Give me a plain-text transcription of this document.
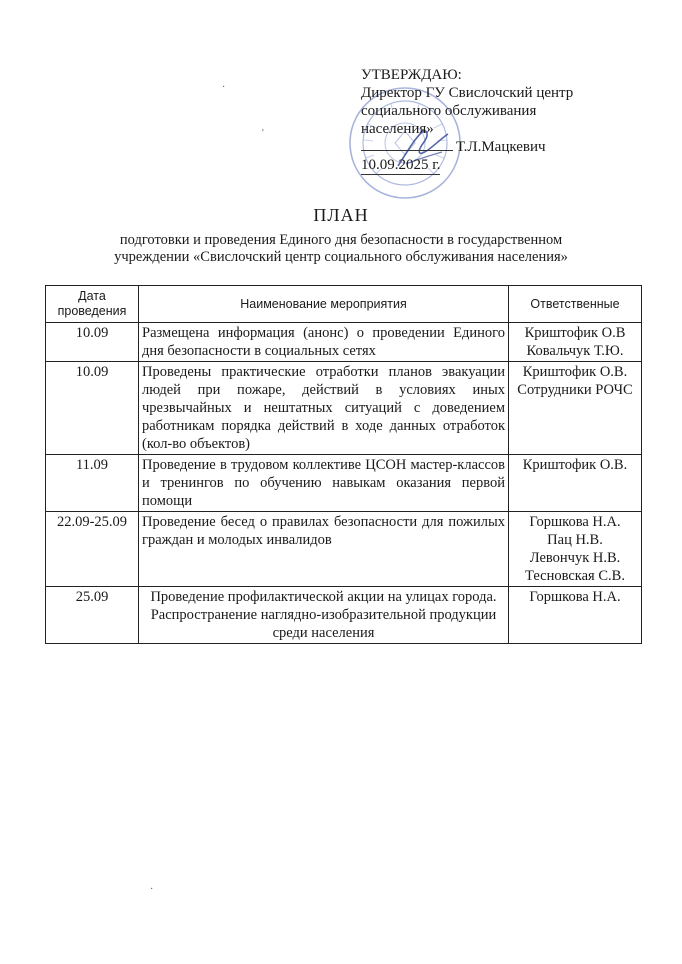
УТВЕРЖДАЮ:
Директор ГУ Свислочский центр
социального обслуживания
населения»
Т.Л.Мацкевич
10.09.2025 г.
ПЛАН
подготовки и проведения Единого дня безопасности в государственном учреждении «Свислочский центр социального обслуживания населения»
Дата проведения	Наименование мероприятия	Ответственные
10.09	Размещена информация (анонс) о проведении Единого дня безопасности в социальных сетях	Криштофик О.В
Ковальчук Т.Ю.

10.09	Проведены практические отработки планов эвакуации людей при пожаре, действий в условиях иных чрезвычайных и нештатных ситуаций с доведением работникам порядка действий в ходе данных отработок (кол-во объектов)	Криштофик О.В.
Сотрудники РОЧС

11.09	Проведение в трудовом коллективе ЦСОН мастер-классов и тренингов по обучению навыкам оказания первой помощи	Криштофик О.В.

22.09-25.09	Проведение бесед о правилах безопасности для пожилых граждан и молодых инвалидов	Горшкова Н.А.
Пац Н.В.
Левончук Н.В.
Тесновская С.В.

25.09	Проведение профилактической акции на улицах города. Распространение наглядно-изобразительной продукции среди населения	Горшкова Н.А.
·
'
·
